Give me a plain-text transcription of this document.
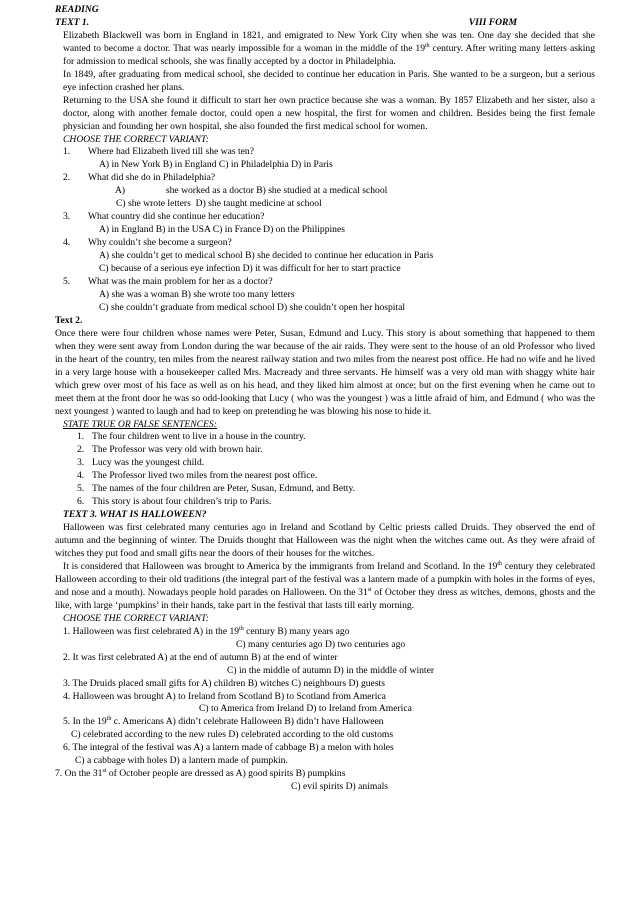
READING

TEXT 1.	VIII FORM

Elizabeth Blackwell was born in England in 1821, and emigrated to New York City when she was ten. One day she decided that she wanted to become a doctor. That was nearly impossible for a woman in the middle of the 19th century. After writing many letters asking for admission to medical schools, she was finally accepted by a doctor in Philadelphia.

In 1849, after graduating from medical school, she decided to continue her education in Paris. She wanted to be a surgeon, but a serious eye infection crashed her plans.

Returning to the USA she found it difficult to start her own practice because she was a woman. By 1857 Elizabeth and her sister, also a doctor, along with another female doctor, could open a new hospital, the first for women and children. Besides being the first female physician and founding her own hospital, she also founded the first medical school for women.

CHOOSE THE CORRECT VARIANT:

1. Where had Elizabeth lived till she was ten?

A) in New York B) in England C) in Philadelphia D) in Paris

2. What did she do in Philadelphia?

A)                 she worked as a doctor B) she studied at a medical school

C) she wrote letters  D) she taught medicine at school

3. What country did she continue her education?

A) in England B) in the USA C) in France D) on the Philippines

4. Why couldn’t she become a surgeon?

A) she couldn’t get to medical school B) she decided to continue her education in Paris

C) because of a serious eye infection D) it was difficult for her to start practice

5. What was the main problem for her as a doctor?

A) she was a woman B) she wrote too many letters

C) she couldn’t graduate from medical school D) she couldn’t open her hospital

Text 2.

Once there were four children whose names were Peter, Susan, Edmund and Lucy. This story is about something that happened to them when they were sent away from London during the war because of the air raids. They were sent to the house of an old Professor who lived in the heart of the country, ten miles from the nearest railway station and two miles from the nearest post office. He had no wife and he lived in a very large house with a housekeeper called Mrs. Macready and three servants. He himself was a very old man with shaggy white hair which grew over most of his face as well as on his head, and they liked him almost at once; but on the first evening when he came out to meet them at the front door he was so odd-looking that Lucy ( who was the youngest ) was a little afraid of him, and Edmund ( who was the next youngest ) wanted to laugh and had to keep on pretending he was blowing his nose to hide it.

STATE TRUE OR FALSE SENTENCES:

1. The four children went to live in a house in the country.

2. The Professor was very old with brown hair.

3. Lucy was the youngest child.

4. The Professor lived two miles from the nearest post office.

5. The names of the four children are Peter, Susan, Edmund, and Betty.

6. This story is about four children’s trip to Paris.

TEXT 3. WHAT IS HALLOWEEN?

Halloween was first celebrated many centuries ago in Ireland and Scotland by Celtic priests called Druids. They observed the end of autumn and the beginning of winter. The Druids thought that Halloween was the night when the witches came out. As they were afraid of witches they put food and small gifts near the doors of their houses for the witches.

It is considered that Halloween was brought to America by the immigrants from Ireland and Scotland. In the 19th century they celebrated Halloween according to their old traditions (the integral part of the festival was a lantern made of a pumpkin with holes in the forms of eyes, and nose and a mouth). Nowadays people hold parades on Halloween. On the 31st of October they dress as witches, demons, ghosts and the like, with large ‘pumpkins’ in their hands, take part in the festival that lasts till early morning.

CHOOSE THE CORRECT VARIANT:

1. Halloween was first celebrated A) in the 19th century B) many years ago

C) many centuries ago D) two centuries ago

2. It was first celebrated A) at the end of autumn B) at the end of winter

C) in the middle of autumn D) in the middle of winter

3. The Druids placed small gifts for A) children B) witches C) neighbours D) guests

4. Halloween was brought A) to Ireland from Scotland B) to Scotland from America

C) to America from Ireland D) to Ireland from America

5. In the 19th c. Americans A) didn’t celebrate Halloween B) didn’t have Halloween

C) celebrated according to the new rules D) celebrated according to the old customs

6. The integral of the festival was A) a lantern made of cabbage B) a melon with holes

C) a cabbage with holes D) a lantern made of pumpkin.

7. On the 31st of October people are dressed as A) good spirits B) pumpkins

C) evil spirits D) animals
